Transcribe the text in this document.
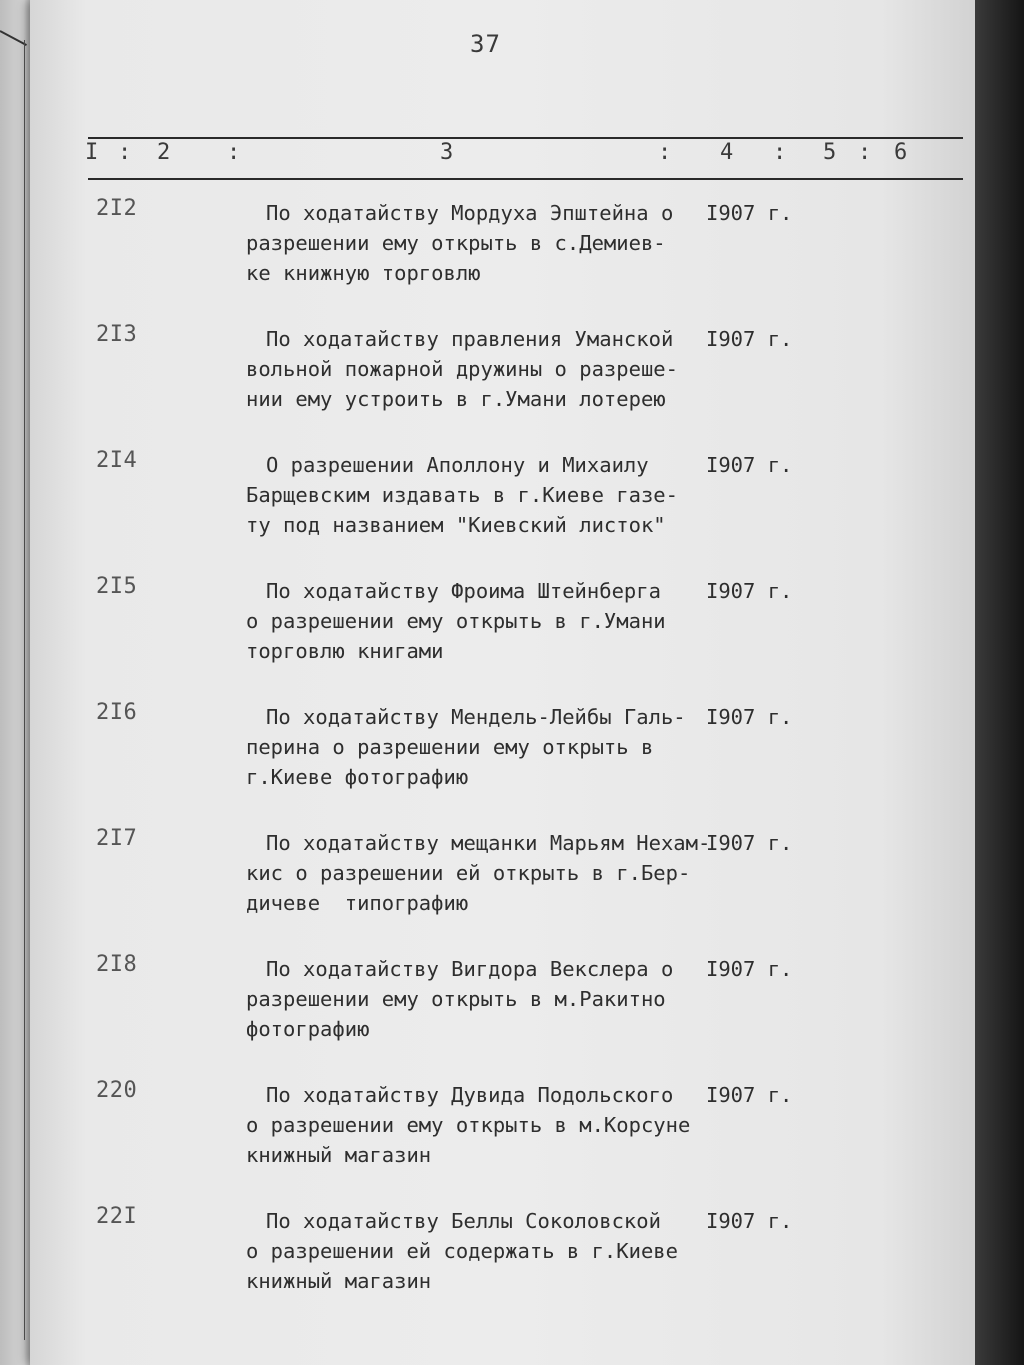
37
I : 2	:	3	: 4 : 5 : 6
2I2	По ходатайству Мордуха Эпштейна о
разрешении ему открыть в с.Демиев-
ке книжную торговлю
I907 г.
2I3	По ходатайству правления Уманской
вольной пожарной дружины о разреше-
нии ему устроить в г.Умани лотерею
I907 г.
2I4	О разрешении Аполлону и Михаилу
Барщевским издавать в г.Киеве газе-
ту под названием "Киевский листок"
I907 г.
2I5	По ходатайству Фроима Штейнберга
о разрешении ему открыть в г.Умани
торговлю книгами
I907 г.
2I6	По ходатайству Мендель-Лейбы Галь-
перина о разрешении ему открыть в
г.Киеве фотографию
I907 г.
2I7	По ходатайству мещанки Марьям Нехам-
кис о разрешении ей открыть в г.Бер-
дичеве  типографию
I907 г.
2I8	По ходатайству Вигдора Векслера о
разрешении ему открыть в м.Ракитно
фотографию
I907 г.
220	По ходатайству Дувида Подольского
о разрешении ему открыть в м.Корсуне
книжный магазин
I907 г.
22I	По ходатайству Беллы Соколовской
о разрешении ей содержать в г.Киеве
книжный магазин
I907 г.
